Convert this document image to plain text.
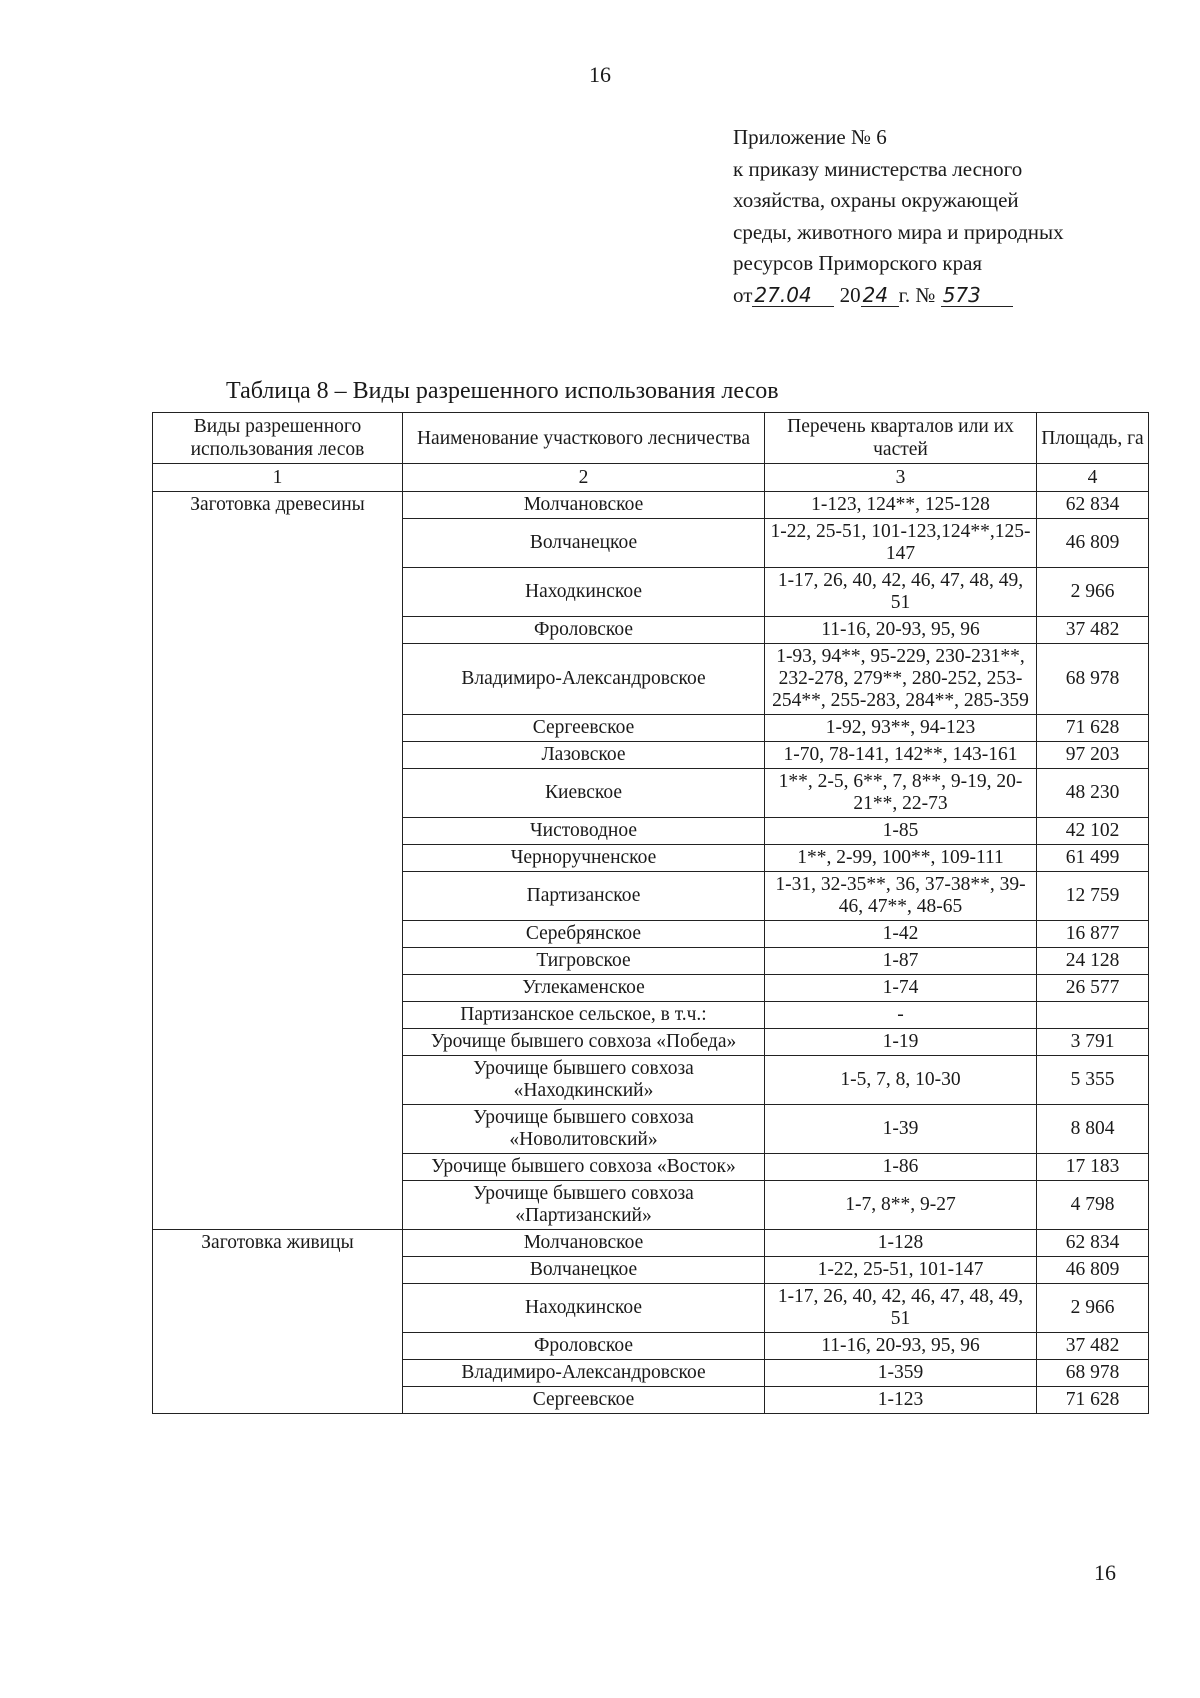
16
Приложение № 6
к приказу министерства лесного
хозяйства, охраны окружающей
среды, животного мира и природных
ресурсов Приморского края
от 27.04 20 24 г. № 573
Таблица 8 – Виды разрешенного использования лесов
Виды разрешенного использования лесов	Наименование участкового лесничества	Перечень кварталов или их частей	Площадь, га
1	2	3	4
Заготовка древесины	Молчановское	1-123, 124**, 125-128	62 834
	Волчанецкое	1-22, 25-51, 101-123,124**,125-147	46 809
	Находкинское	1-17, 26, 40, 42, 46, 47, 48, 49, 51	2 966
	Фроловское	11-16, 20-93, 95, 96	37 482
	Владимиро-Александровское	1-93, 94**, 95-229, 230-231**, 232-278, 279**, 280-252, 253-254**, 255-283, 284**, 285-359	68 978
	Сергеевское	1-92, 93**, 94-123	71 628
	Лазовское	1-70, 78-141, 142**, 143-161	97 203
	Киевское	1**, 2-5, 6**, 7, 8**, 9-19, 20-21**, 22-73	48 230
	Чистоводное	1-85	42 102
	Черноручненское	1**, 2-99, 100**, 109-111	61 499
	Партизанское	1-31, 32-35**, 36, 37-38**, 39-46, 47**, 48-65	12 759
	Серебрянское	1-42	16 877
	Тигровское	1-87	24 128
	Углекаменское	1-74	26 577
	Партизанское сельское, в т.ч.:	-	
	Урочище бывшего совхоза «Победа»	1-19	3 791
	Урочище бывшего совхоза «Находкинский»	1-5, 7, 8, 10-30	5 355
	Урочище бывшего совхоза «Новолитовский»	1-39	8 804
	Урочище бывшего совхоза «Восток»	1-86	17 183
	Урочище бывшего совхоза «Партизанский»	1-7, 8**, 9-27	4 798
Заготовка живицы	Молчановское	1-128	62 834
	Волчанецкое	1-22, 25-51, 101-147	46 809
	Находкинское	1-17, 26, 40, 42, 46, 47, 48, 49, 51	2 966
	Фроловское	11-16, 20-93, 95, 96	37 482
	Владимиро-Александровское	1-359	68 978
	Сергеевское	1-123	71 628
16
